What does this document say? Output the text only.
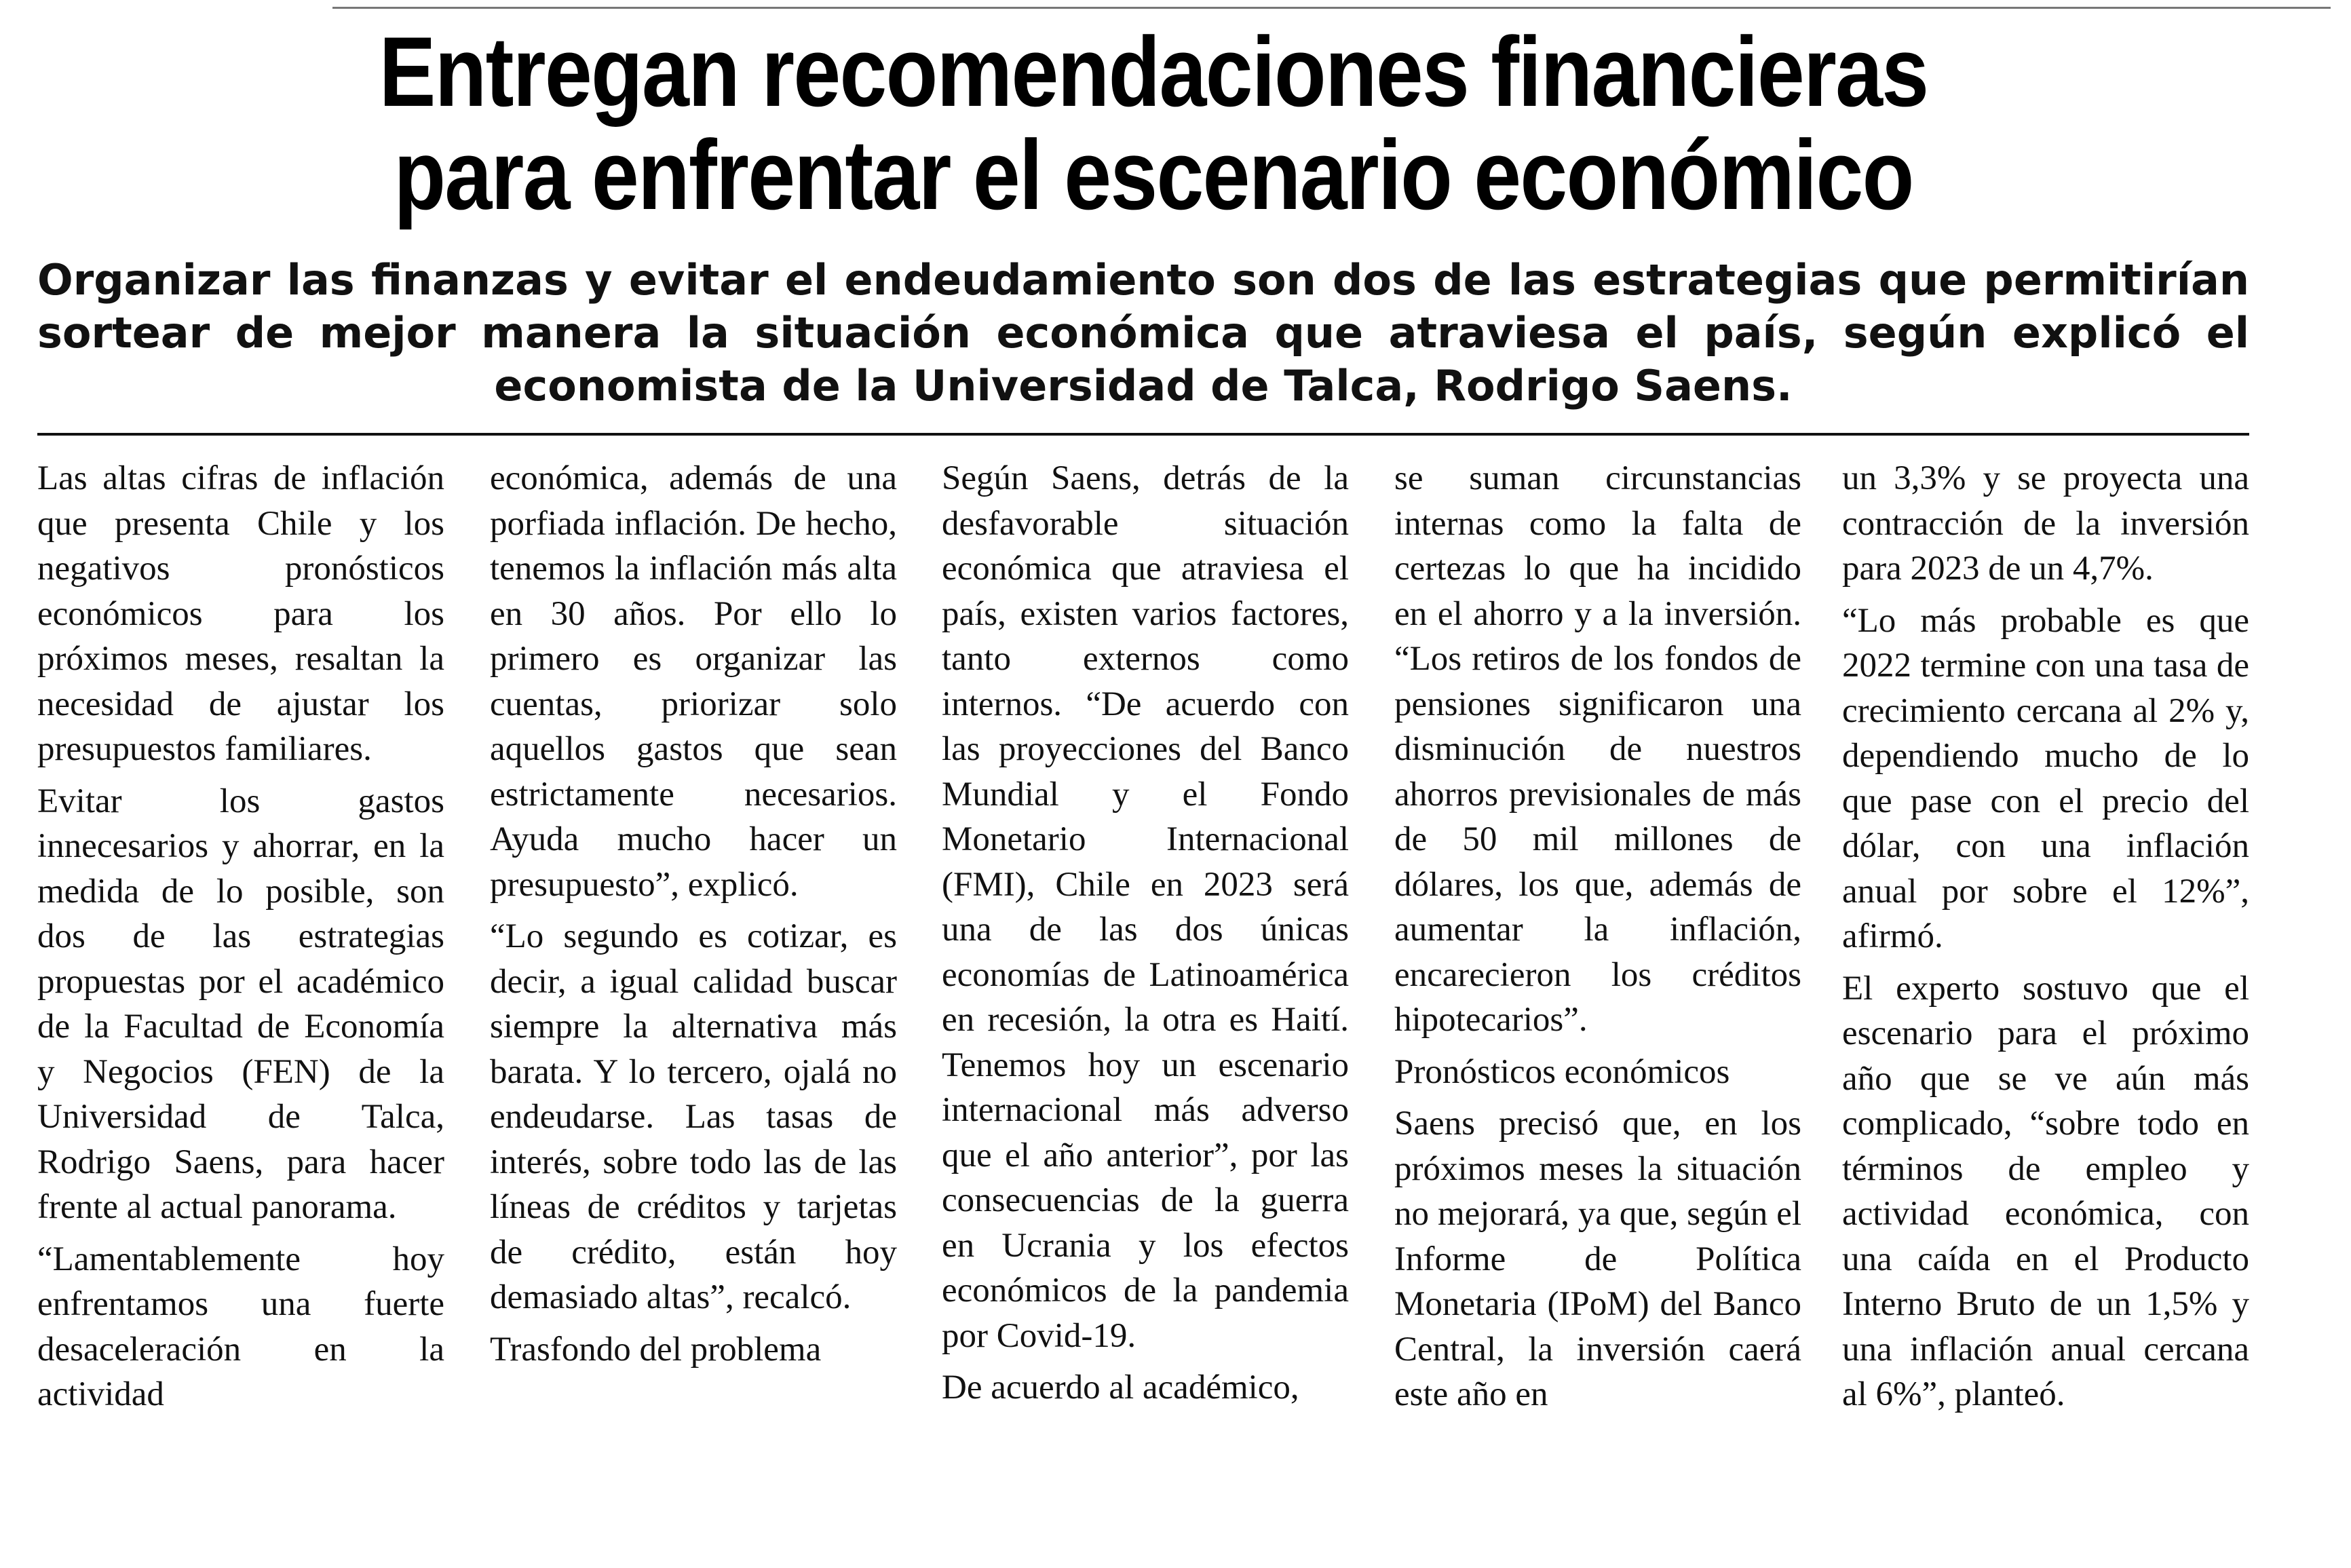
Entregan recomendaciones financieras
para enfrentar el escenario económico

Organizar las finanzas y evitar el endeudamiento son dos de las estrategias que permitirían sortear de mejor manera la situación económica que atraviesa el país, según explicó el economista de la Universidad de Talca, Rodrigo Saens.

Las altas cifras de inflación que presenta Chile y los negativos pronósticos económicos para los próximos meses, resaltan la necesidad de ajustar los presupuestos familiares.

Evitar los gastos innecesarios y ahorrar, en la medida de lo posible, son dos de las estrategias propuestas por el académico de la Facultad de Economía y Negocios (FEN) de la Universidad de Talca, Rodrigo Saens, para hacer frente al actual panorama.

“Lamentablemente hoy enfrentamos una fuerte desaceleración en la actividad

económica, además de una porfiada inflación. De hecho, tenemos la inflación más alta en 30 años. Por ello lo primero es organizar las cuentas, priorizar solo aquellos gastos que sean estrictamente necesarios. Ayuda mucho hacer un presupuesto”, explicó.

“Lo segundo es cotizar, es decir, a igual calidad buscar siempre la alternativa más barata. Y lo tercero, ojalá no endeudarse. Las tasas de interés, sobre todo las de las líneas de créditos y tarjetas de crédito, están hoy demasiado altas”, recalcó.

Trasfondo del problema

Según Saens, detrás de la desfavorable situación económica que atraviesa el país, existen varios factores, tanto externos como internos. “De acuerdo con las proyecciones del Banco Mundial y el Fondo Monetario Internacional (FMI), Chile en 2023 será una de las dos únicas economías de Latinoamérica en recesión, la otra es Haití. Tenemos hoy un escenario internacional más adverso que el año anterior”, por las consecuencias de la guerra en Ucrania y los efectos económicos de la pandemia por Covid-19.

De acuerdo al académico,

se suman circunstancias internas como la falta de certezas lo que ha incidido en el ahorro y a la inversión. “Los retiros de los fondos de pensiones significaron una disminución de nuestros ahorros previsionales de más de 50 mil millones de dólares, los que, además de aumentar la inflación, encarecieron los créditos hipotecarios”.

Pronósticos económicos

Saens precisó que, en los próximos meses la situación no mejorará, ya que, según el Informe de Política Monetaria (IPoM) del Banco Central, la inversión caerá este año en

un 3,3% y se proyecta una contracción de la inversión para 2023 de un 4,7%.

“Lo más probable es que 2022 termine con una tasa de crecimiento cercana al 2% y, dependiendo mucho de lo que pase con el precio del dólar, con una inflación anual por sobre el 12%”, afirmó.

El experto sostuvo que el escenario para el próximo año que se ve aún más complicado, “sobre todo en términos de empleo y actividad económica, con una caída en el Producto Interno Bruto de un 1,5% y una inflación anual cercana al 6%”, planteó.
